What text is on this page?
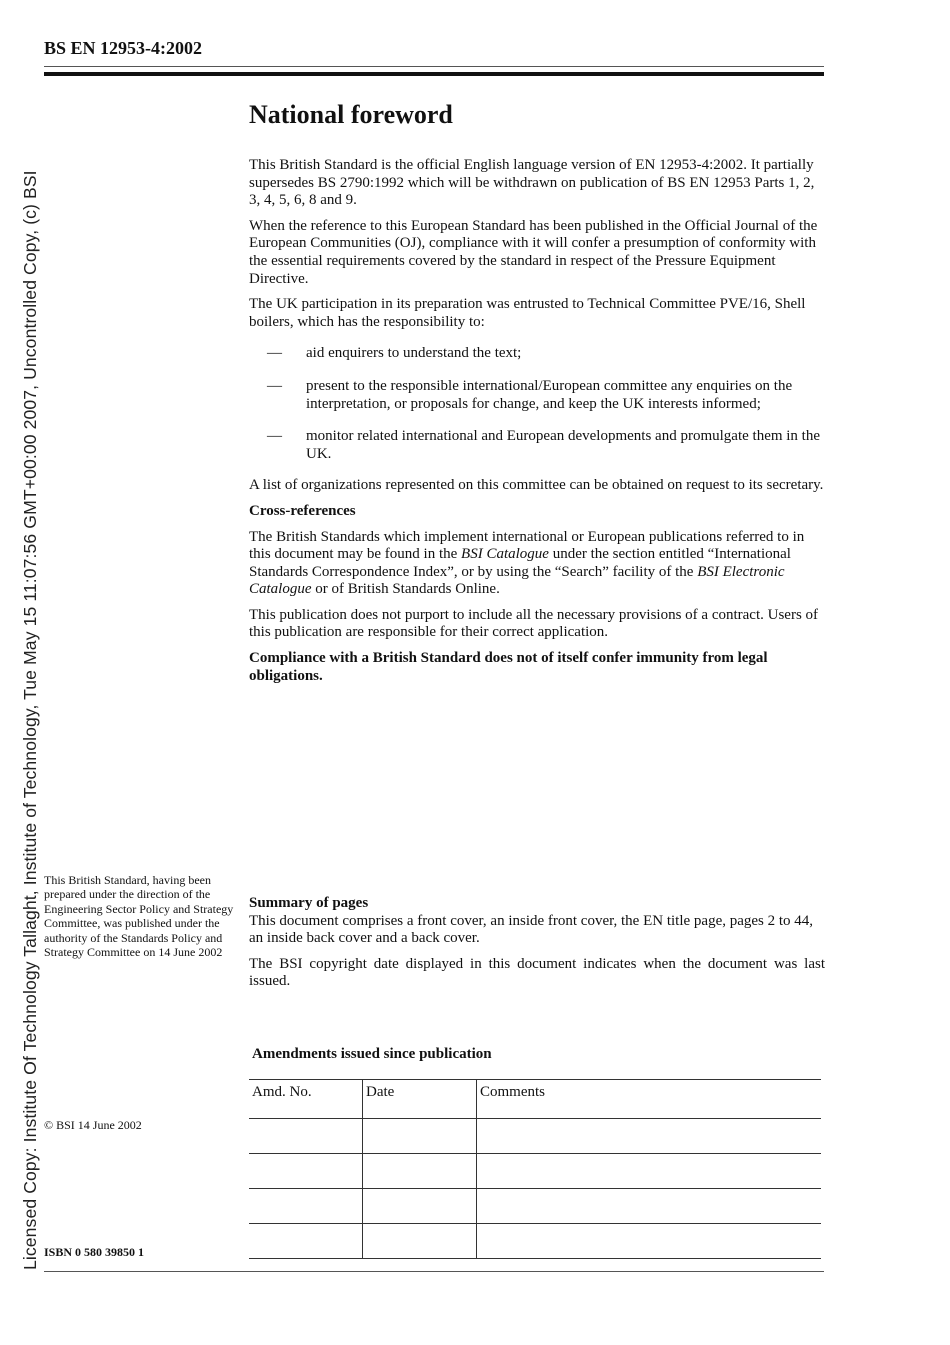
Licensed Copy: Institute Of Technology Tallaght, Institute of Technology, Tue May 15 11:07:56 GMT+00:00 2007, Uncontrolled Copy, (c) BSI
BS EN 12953-4:2002
National foreword

This British Standard is the official English language version of EN 12953-4:2002. It partially supersedes BS 2790:1992 which will be withdrawn on publication of BS EN 12953 Parts 1, 2, 3, 4, 5, 6, 8 and 9.

When the reference to this European Standard has been published in the Official Journal of the European Communities (OJ), compliance with it will confer a presumption of conformity with the essential requirements covered by the standard in respect of the Pressure Equipment Directive.

The UK participation in its preparation was entrusted to Technical Committee PVE/16, Shell boilers, which has the responsibility to:

—	aid enquirers to understand the text;
—	present to the responsible international/European committee any enquiries on the interpretation, or proposals for change, and keep the UK interests informed;
—	monitor related international and European developments and promulgate them in the UK.

A list of organizations represented on this committee can be obtained on request to its secretary.

Cross-references

The British Standards which implement international or European publications referred to in this document may be found in the BSI Catalogue under the section entitled “International Standards Correspondence Index”, or by using the “Search” facility of the BSI Electronic Catalogue or of British Standards Online.

This publication does not purport to include all the necessary provisions of a contract. Users of this publication are responsible for their correct application.

Compliance with a British Standard does not of itself confer immunity from legal obligations.

This British Standard, having been prepared under the direction of the Engineering Sector Policy and Strategy Committee, was published under the authority of the Standards Policy and Strategy Committee on 14 June 2002

Summary of pages

This document comprises a front cover, an inside front cover, the EN title page, pages 2 to 44, an inside back cover and a back cover.

The BSI copyright date displayed in this document indicates when the document was last issued.

© BSI 14 June 2002
ISBN 0 580 39850 1
Amendments issued since publication
Amd. No.	Date	Comments
